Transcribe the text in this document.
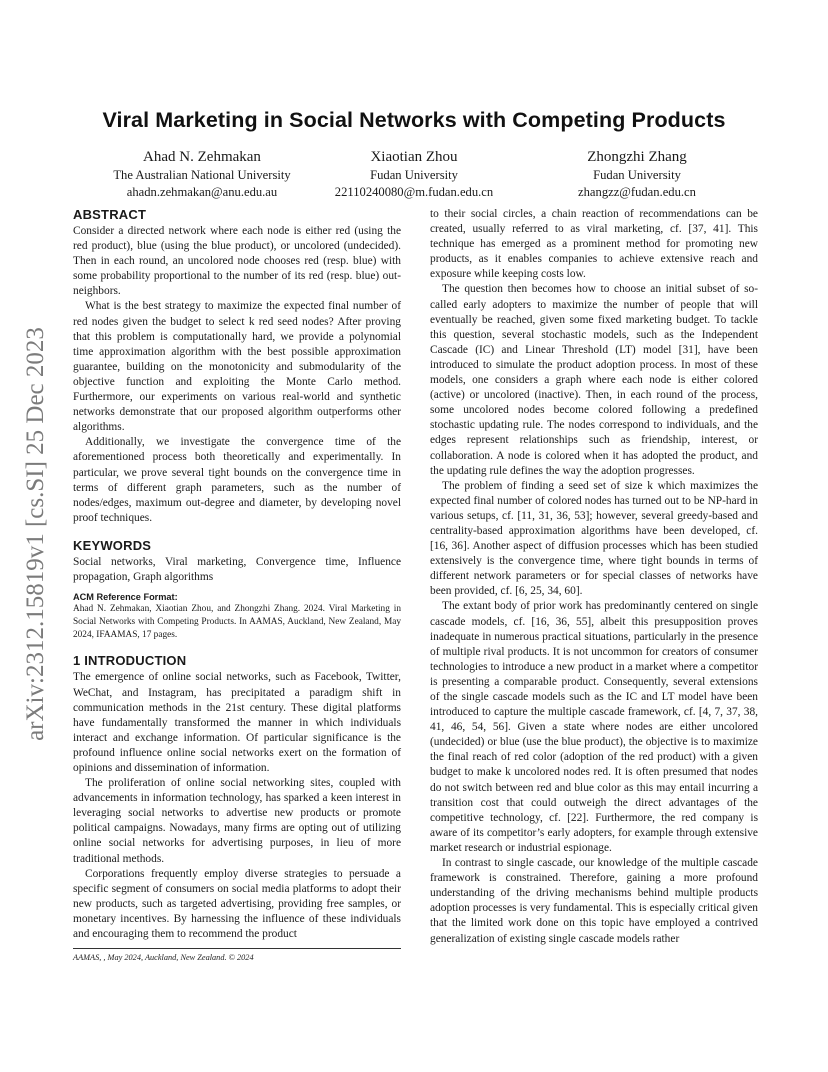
arXiv:2312.15819v1 [cs.SI] 25 Dec 2023
Viral Marketing in Social Networks with Competing Products
Ahad N. Zehmakan
The Australian National University
ahadn.zehmakan@anu.edu.au
Xiaotian Zhou
Fudan University
22110240080@m.fudan.edu.cn
Zhongzhi Zhang
Fudan University
zhangzz@fudan.edu.cn
ABSTRACT

Consider a directed network where each node is either red (using the red product), blue (using the blue product), or uncolored (undecided). Then in each round, an uncolored node chooses red (resp. blue) with some probability proportional to the number of its red (resp. blue) out-neighbors.

What is the best strategy to maximize the expected final number of red nodes given the budget to select k red seed nodes? After proving that this problem is computationally hard, we provide a polynomial time approximation algorithm with the best possible approximation guarantee, building on the monotonicity and submodularity of the objective function and exploiting the Monte Carlo method. Furthermore, our experiments on various real-world and synthetic networks demonstrate that our proposed algorithm outperforms other algorithms.

Additionally, we investigate the convergence time of the aforementioned process both theoretically and experimentally. In particular, we prove several tight bounds on the convergence time in terms of different graph parameters, such as the number of nodes/edges, maximum out-degree and diameter, by developing novel proof techniques.

KEYWORDS

Social networks, Viral marketing, Convergence time, Influence propagation, Graph algorithms

ACM Reference Format:

Ahad N. Zehmakan, Xiaotian Zhou, and Zhongzhi Zhang. 2024. Viral Marketing in Social Networks with Competing Products. In AAMAS, Auckland, New Zealand, May 2024, IFAAMAS, 17 pages.

1 INTRODUCTION

The emergence of online social networks, such as Facebook, Twitter, WeChat, and Instagram, has precipitated a paradigm shift in communication methods in the 21st century. These digital platforms have fundamentally transformed the manner in which individuals interact and exchange information. Of particular significance is the profound influence online social networks exert on the formation of opinions and dissemination of information.

The proliferation of online social networking sites, coupled with advancements in information technology, has sparked a keen interest in leveraging social networks to advertise new products or promote political campaigns. Nowadays, many firms are opting out of utilizing online social networks for advertising purposes, in lieu of more traditional methods.

Corporations frequently employ diverse strategies to persuade a specific segment of consumers on social media platforms to adopt their new products, such as targeted advertising, providing free samples, or monetary incentives. By harnessing the influence of these individuals and encouraging them to recommend the product

to their social circles, a chain reaction of recommendations can be created, usually referred to as viral marketing, cf. [37, 41]. This technique has emerged as a prominent method for promoting new products, as it enables companies to achieve extensive reach and exposure while keeping costs low.

The question then becomes how to choose an initial subset of so-called early adopters to maximize the number of people that will eventually be reached, given some fixed marketing budget. To tackle this question, several stochastic models, such as the Independent Cascade (IC) and Linear Threshold (LT) model [31], have been introduced to simulate the product adoption process. In most of these models, one considers a graph where each node is either colored (active) or uncolored (inactive). Then, in each round of the process, some uncolored nodes become colored following a predefined stochastic updating rule. The nodes correspond to individuals, and the edges represent relationships such as friendship, interest, or collaboration. A node is colored when it has adopted the product, and the updating rule defines the way the adoption progresses.

The problem of finding a seed set of size k which maximizes the expected final number of colored nodes has turned out to be NP-hard in various setups, cf. [11, 31, 36, 53]; however, several greedy-based and centrality-based approximation algorithms have been developed, cf. [16, 36]. Another aspect of diffusion processes which has been studied extensively is the convergence time, where tight bounds in terms of different network parameters or for special classes of networks have been provided, cf. [6, 25, 34, 60].

The extant body of prior work has predominantly centered on single cascade models, cf. [16, 36, 55], albeit this presupposition proves inadequate in numerous practical situations, particularly in the presence of multiple rival products. It is not uncommon for creators of consumer technologies to introduce a new product in a market where a competitor is presenting a comparable product. Consequently, several extensions of the single cascade models such as the IC and LT model have been introduced to capture the multiple cascade framework, cf. [4, 7, 37, 38, 41, 46, 54, 56]. Given a state where nodes are either uncolored (undecided) or blue (use the blue product), the objective is to maximize the final reach of red color (adoption of the red product) with a given budget to make k uncolored nodes red. It is often presumed that nodes do not switch between red and blue color as this may entail incurring a transition cost that could outweigh the direct advantages of the competitive technology, cf. [22]. Furthermore, the red company is aware of its competitor’s early adopters, for example through extensive market research or industrial espionage.

In contrast to single cascade, our knowledge of the multiple cascade framework is constrained. Therefore, gaining a more profound understanding of the driving mechanisms behind multiple products adoption processes is very fundamental. This is especially critical given that the limited work done on this topic have employed a contrived generalization of existing single cascade models rather

AAMAS, , May 2024, Auckland, New Zealand. © 2024
